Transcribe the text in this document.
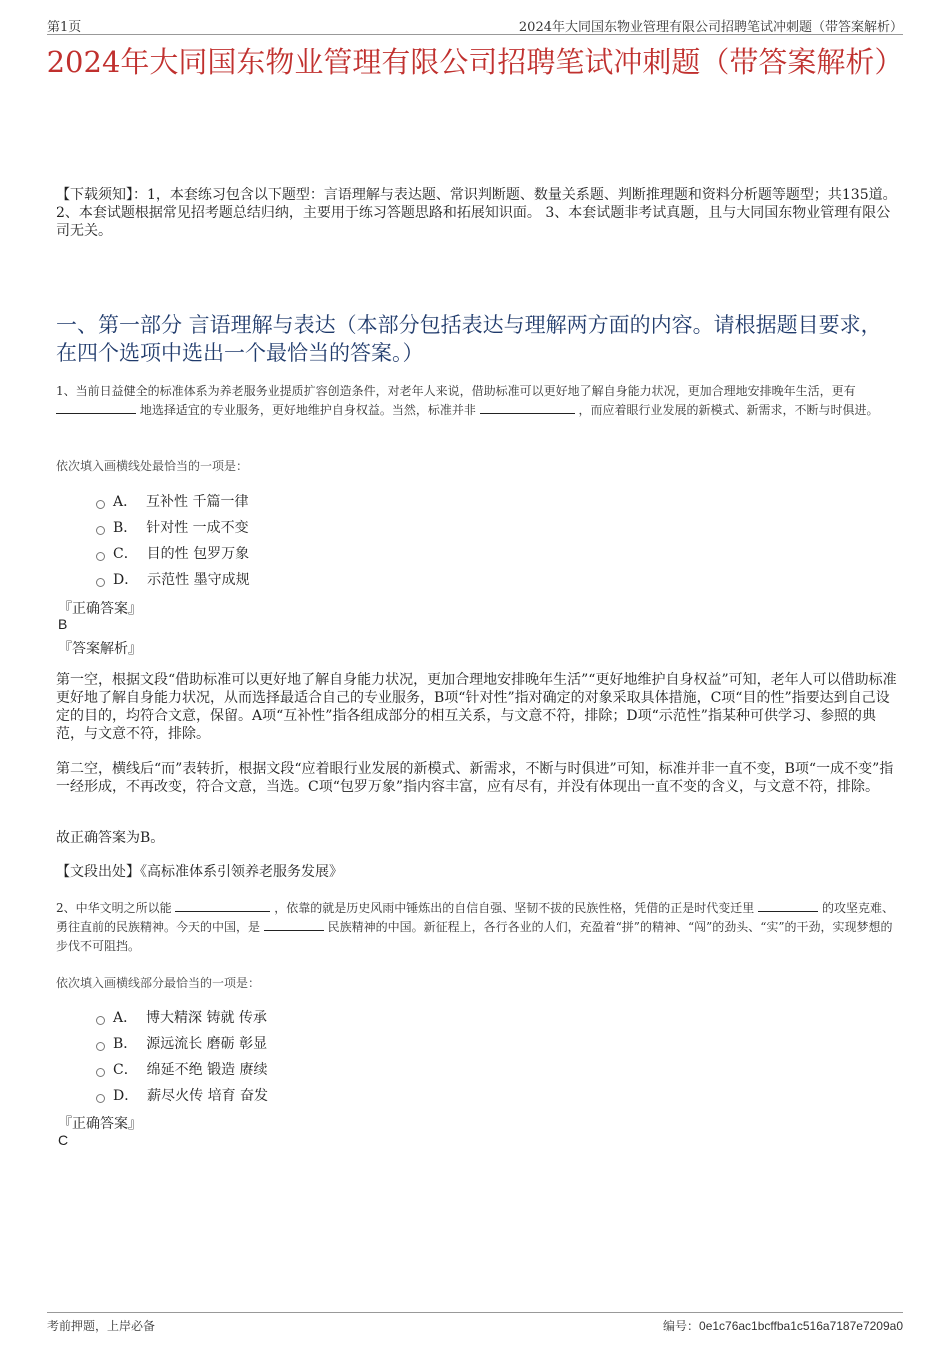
第1页	2024年大同国东物业管理有限公司招聘笔试冲刺题（带答案解析）
2024年大同国东物业管理有限公司招聘笔试冲刺题（带答案解析）
【下载须知】：1，本套练习包含以下题型：言语理解与表达题、常识判断题、数量关系题、判断推理题和资料分析题等题型；共135道。 2、本套试题根据常见招考题总结归纳，主要用于练习答题思路和拓展知识面。 3、本套试题非考试真题，且与大同国东物业管理有限公司无关。
一、第一部分 言语理解与表达（本部分包括表达与理解两方面的内容。请根据题目要求，在四个选项中选出一个最恰当的答案。）
1、当前日益健全的标准体系为养老服务业提质扩容创造条件，对老年人来说，借助标准可以更好地了解自身能力状况，更加合理地安排晚年生活，更有  地选择适宜的专业服务，更好地维护自身权益。当然，标准并非	，而应着眼行业发展的新模式、新需求，不断与时俱进。
依次填入画横线处最恰当的一项是：
A．
互补性 千篇一律
B．
针对性 一成不变
C．
目的性 包罗万象
D．
示范性 墨守成规
『正确答案』
B
『答案解析』
第一空，根据文段“借助标准可以更好地了解自身能力状况，更加合理地安排晚年生活”“更好地维护自身权益”可知，老年人可以借助标准更好地了解自身能力状况，从而选择最适合自己的专业服务，B项“针对性”指对确定的对象采取具体措施，C项“目的性”指要达到自己设定的目的，均符合文意，保留。A项“互补性”指各组成部分的相互关系，与文意不符，排除；D项“示范性”指某种可供学习、参照的典范，与文意不符，排除。
第二空，横线后“而”表转折，根据文段“应着眼行业发展的新模式、新需求，不断与时俱进”可知，标准并非一直不变，B项“一成不变”指一经形成，不再改变，符合文意，当选。C项“包罗万象”指内容丰富，应有尽有，并没有体现出一直不变的含义，与文意不符，排除。
故正确答案为B。
【文段出处】《高标准体系引领养老服务发展》
2、中华文明之所以能	，依靠的就是历史风雨中锤炼出的自信自强、坚韧不拔的民族性格，凭借的正是时代变迁里	的攻坚克难、勇往直前的民族精神。今天的中国，是	民族精神的中国。新征程上，各行各业的人们，充盈着“拼”的精神、“闯”的劲头、“实”的干劲，实现梦想的步伐不可阻挡。
依次填入画横线部分最恰当的一项是：
A．
博大精深 铸就 传承
B．
源远流长 磨砺 彰显
C．
绵延不绝 锻造 赓续
D．
薪尽火传 培育 奋发
『正确答案』
C
考前押题，上岸必备	编号：0e1c76ac1bcffba1c516a7187e7209a0
